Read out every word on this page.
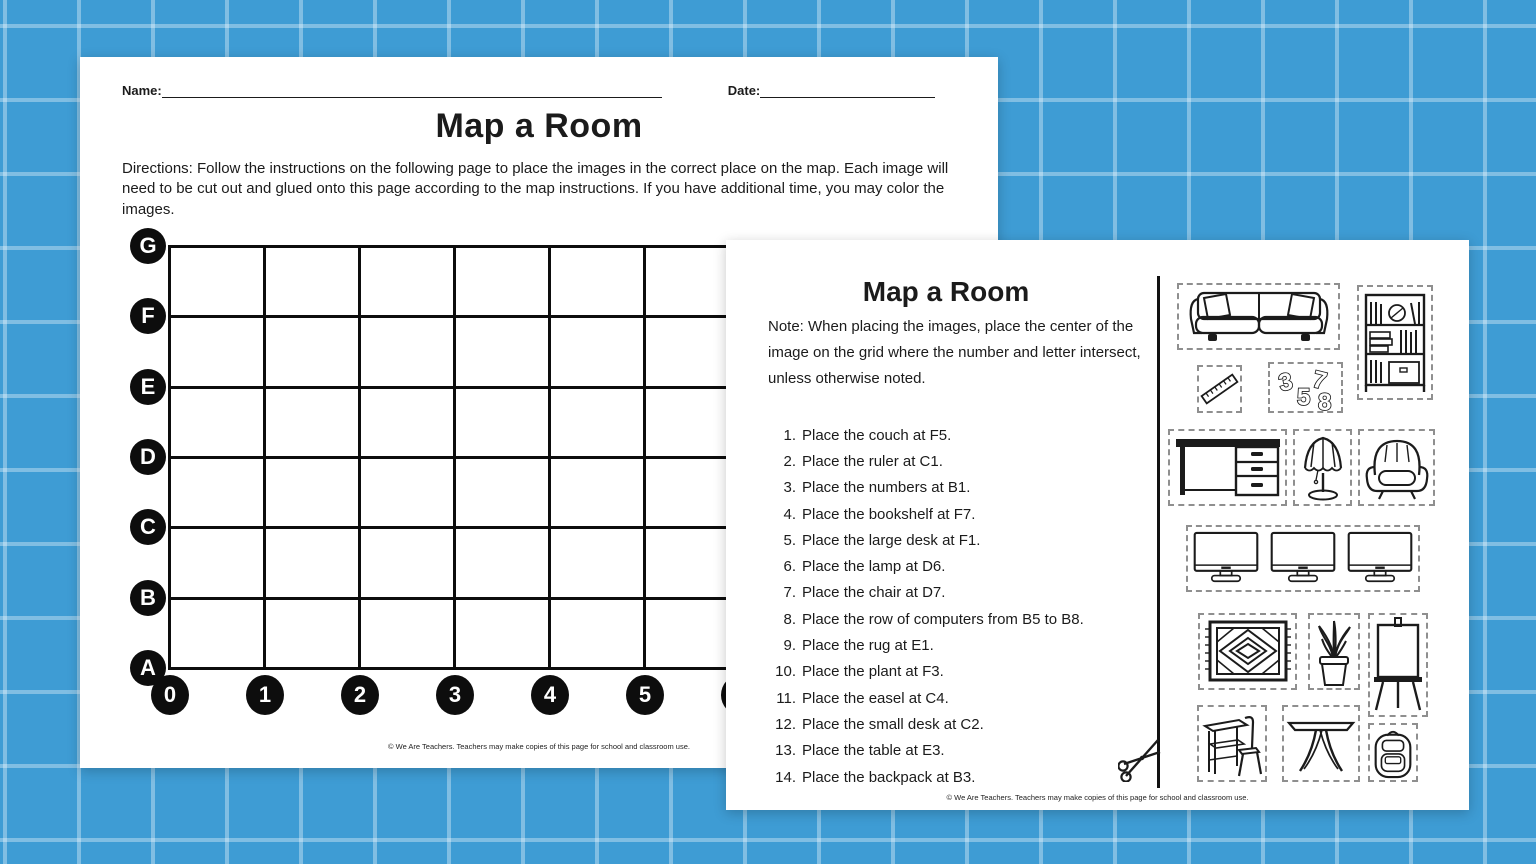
Name:	Date:
Map a Room

Directions: Follow the instructions on the following page to place the images in the correct place on the map. Each image will need to be cut out and glued onto this page according to the map instructions. If you have additional time, you may color the images.

G
F
E
D
C
B
A
0	1	2	3	4	5
© We Are Teachers. Teachers may make copies of this page for school and classroom use.
Map a Room

Note: When placing the images, place the center of the image on the grid where the number and letter intersect, unless otherwise noted.

1. Place the couch at F5.
2. Place the ruler at C1.
3. Place the numbers at B1.
4. Place the bookshelf at F7.
5. Place the large desk at F1.
6. Place the lamp at D6.
7. Place the chair at D7.
8. Place the row of computers from B5 to B8.
9. Place the rug at E1.
10. Place the plant at F3.
11. Place the easel at C4.
12. Place the small desk at C2.
13. Place the table at E3.
14. Place the backpack at B3.
3 7
5 8
© We Are Teachers. Teachers may make copies of this page for school and classroom use.
